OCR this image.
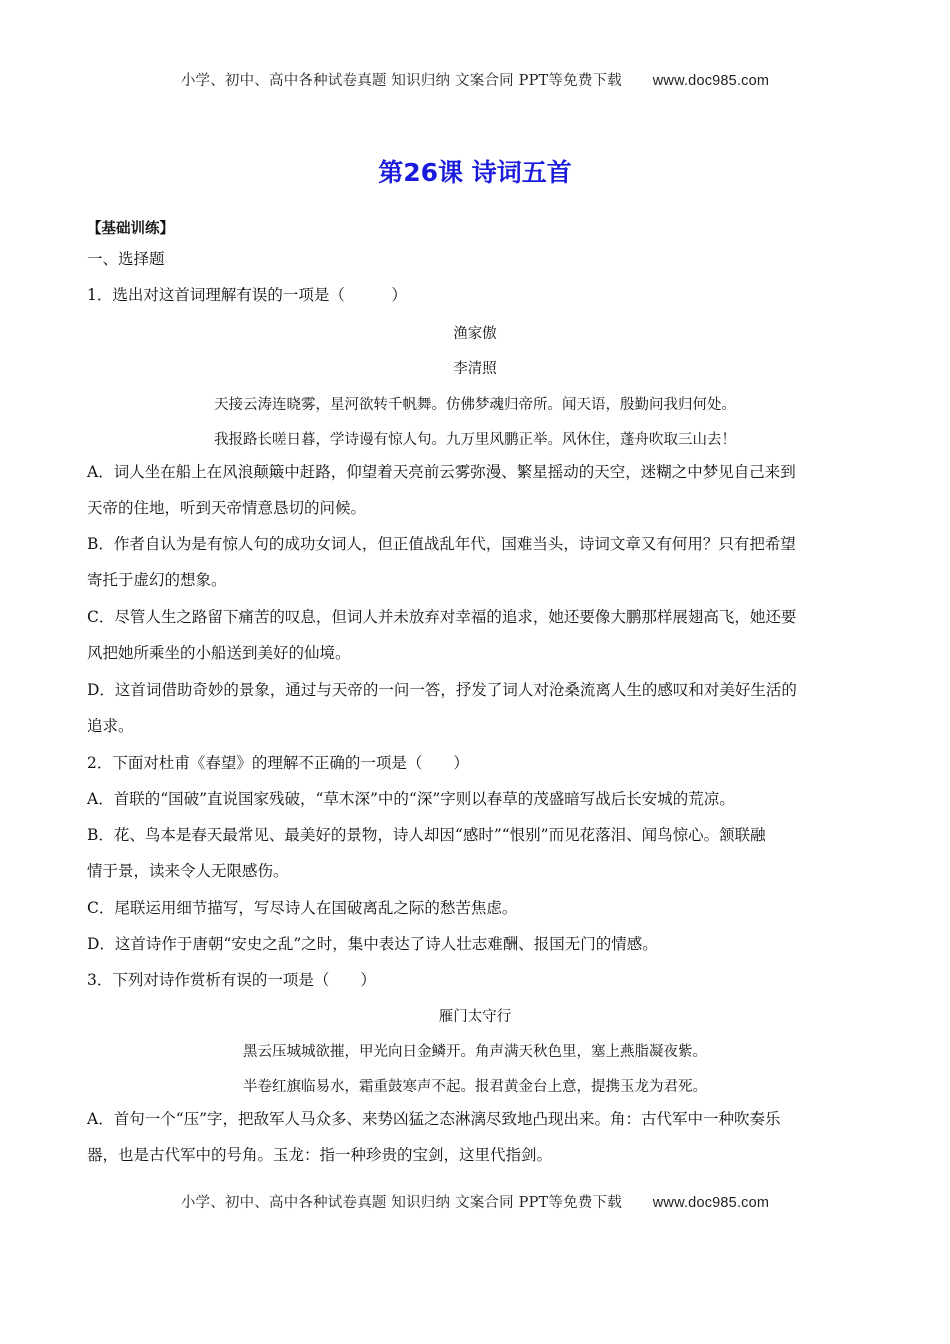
小学、初中、高中各种试卷真题 知识归纳 文案合同 PPT等免费下载 www.doc985.com
第26课 诗词五首
【基础训练】
一、选择题
1．选出对这首词理解有误的一项是（　　　）
渔家傲
李清照
天接云涛连晓雾，星河欲转千帆舞。仿佛梦魂归帝所。闻天语，殷勤问我归何处。
我报路长嗟日暮，学诗谩有惊人句。九万里风鹏正举。风休住，蓬舟吹取三山去！
A．词人坐在船上在风浪颠簸中赶路，仰望着天亮前云雾弥漫、繁星摇动的天空，迷糊之中梦见自己来到
天帝的住地，听到天帝情意恳切的问候。
B．作者自认为是有惊人句的成功女词人，但正值战乱年代，国难当头，诗词文章又有何用？只有把希望
寄托于虚幻的想象。
C．尽管人生之路留下痛苦的叹息，但词人并未放弃对幸福的追求，她还要像大鹏那样展翅高飞，她还要
风把她所乘坐的小船送到美好的仙境。
D．这首词借助奇妙的景象，通过与天帝的一问一答，抒发了词人对沧桑流离人生的感叹和对美好生活的
追求。
2．下面对杜甫《春望》的理解不正确的一项是（　　）
A．首联的“国破”直说国家残破，“草木深”中的“深”字则以春草的茂盛暗写战后长安城的荒凉。
B．花、鸟本是春天最常见、最美好的景物，诗人却因“感时”“恨别”而见花落泪、闻鸟惊心。颔联融
情于景，读来令人无限感伤。
C．尾联运用细节描写，写尽诗人在国破离乱之际的愁苦焦虑。
D．这首诗作于唐朝“安史之乱”之时，集中表达了诗人壮志难酬、报国无门的情感。
3．下列对诗作赏析有误的一项是（　　）
雁门太守行
黑云压城城欲摧，甲光向日金鳞开。角声满天秋色里，塞上燕脂凝夜紫。
半卷红旗临易水，霜重鼓寒声不起。报君黄金台上意，提携玉龙为君死。
A．首句一个“压”字，把敌军人马众多、来势凶猛之态淋漓尽致地凸现出来。角：古代军中一种吹奏乐
器，也是古代军中的号角。玉龙：指一种珍贵的宝剑，这里代指剑。
小学、初中、高中各种试卷真题 知识归纳 文案合同 PPT等免费下载 www.doc985.com
